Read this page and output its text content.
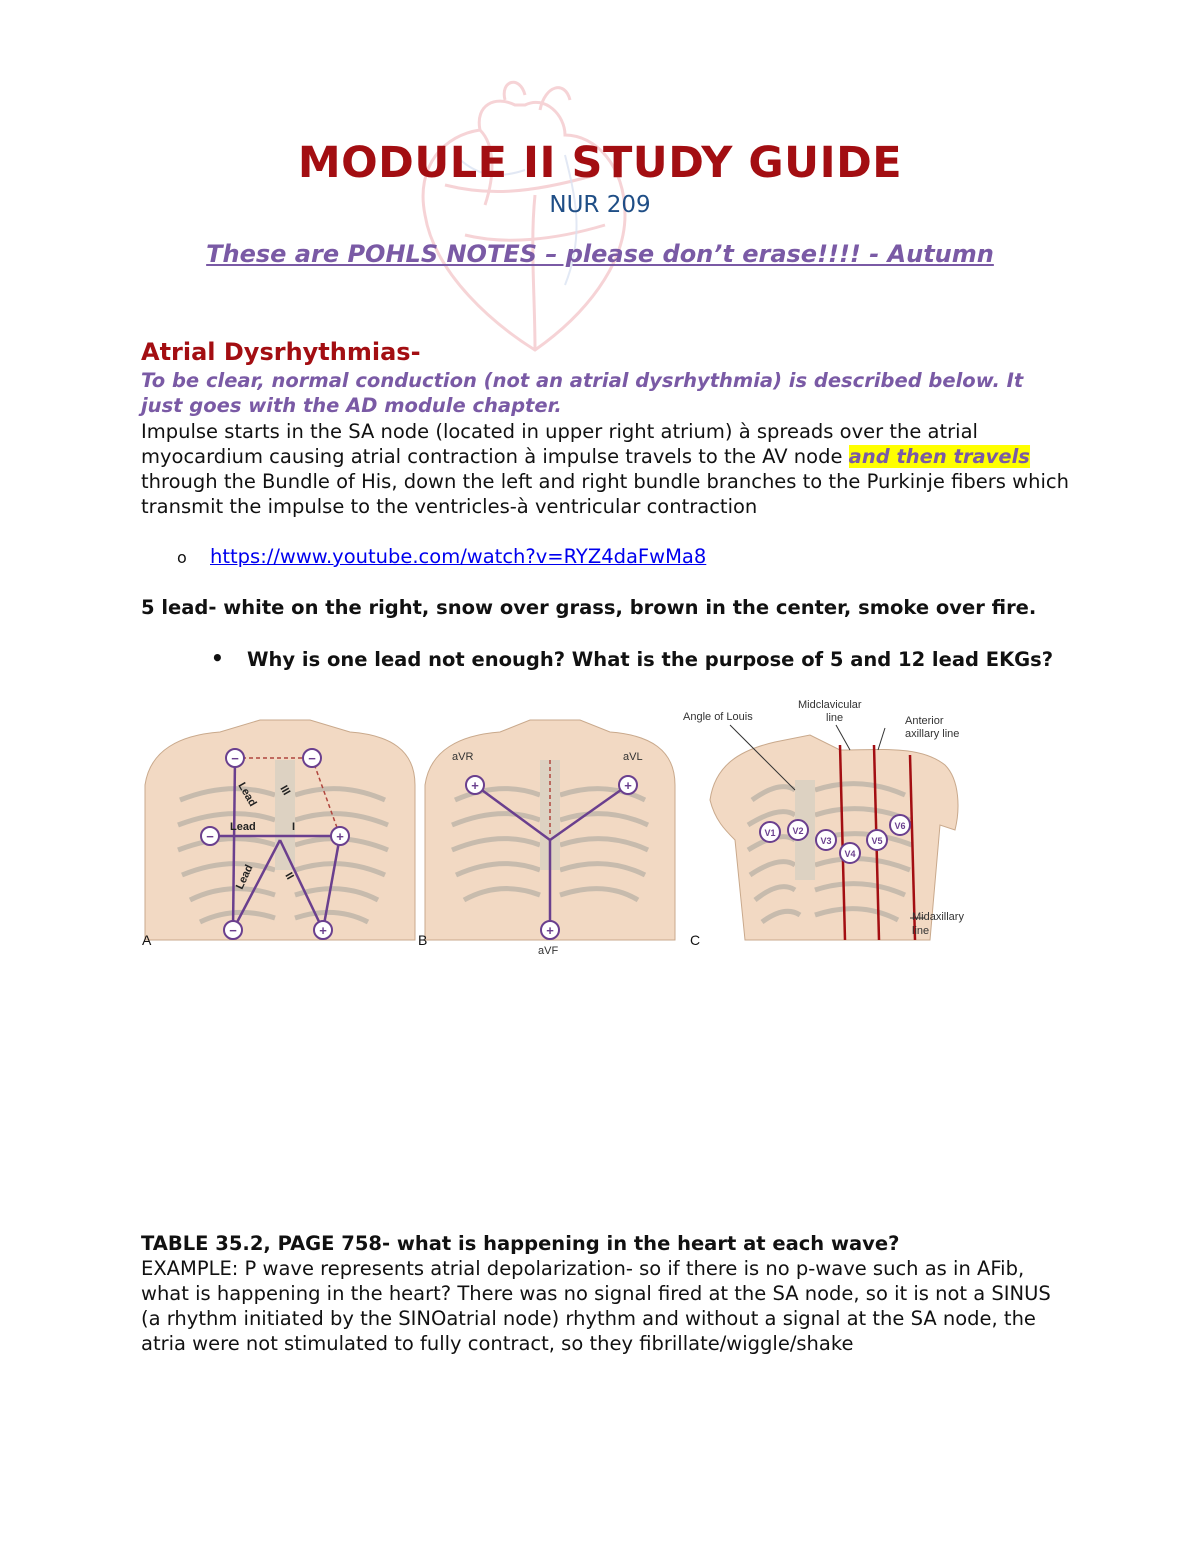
MODULE II STUDY GUIDE
NUR 209
These are POHLS NOTES – please don’t erase!!!! - Autumn
Atrial Dysrhythmias-
To be clear, normal conduction (not an atrial dysrhythmia) is described below. It just goes with the AD module chapter.
Impulse starts in the SA node (located in upper right atrium) à spreads over the atrial myocardium causing atrial contraction à impulse travels to the AV node and then travels through the Bundle of His, down the left and right bundle branches to the Purkinje fibers which transmit the impulse to the ventricles-à ventricular contraction
o https://www.youtube.com/watch?v=RYZ4daFwMa8
5 lead- white on the right, snow over grass, brown in the center, smoke over fire.
• Why is one lead not enough? What is the purpose of 5 and 12 lead EKGs?
−	−
−	+
−	+
Lead III
Lead	I
Lead II
A
+	+
+
aVR	aVL
aVF
B
V1 V2
V3
V4
V5
V6
Angle of Louis
Midclavicular
line	Anterior
axillary line
Midaxillary
line
C
TABLE 35.2, PAGE 758- what is happening in the heart at each wave?
EXAMPLE: P wave represents atrial depolarization- so if there is no p-wave such as in AFib, what is happening in the heart? There was no signal fired at the SA node, so it is not a SINUS (a rhythm initiated by the SINOatrial node) rhythm and without a signal at the SA node, the atria were not stimulated to fully contract, so they fibrillate/wiggle/shake
